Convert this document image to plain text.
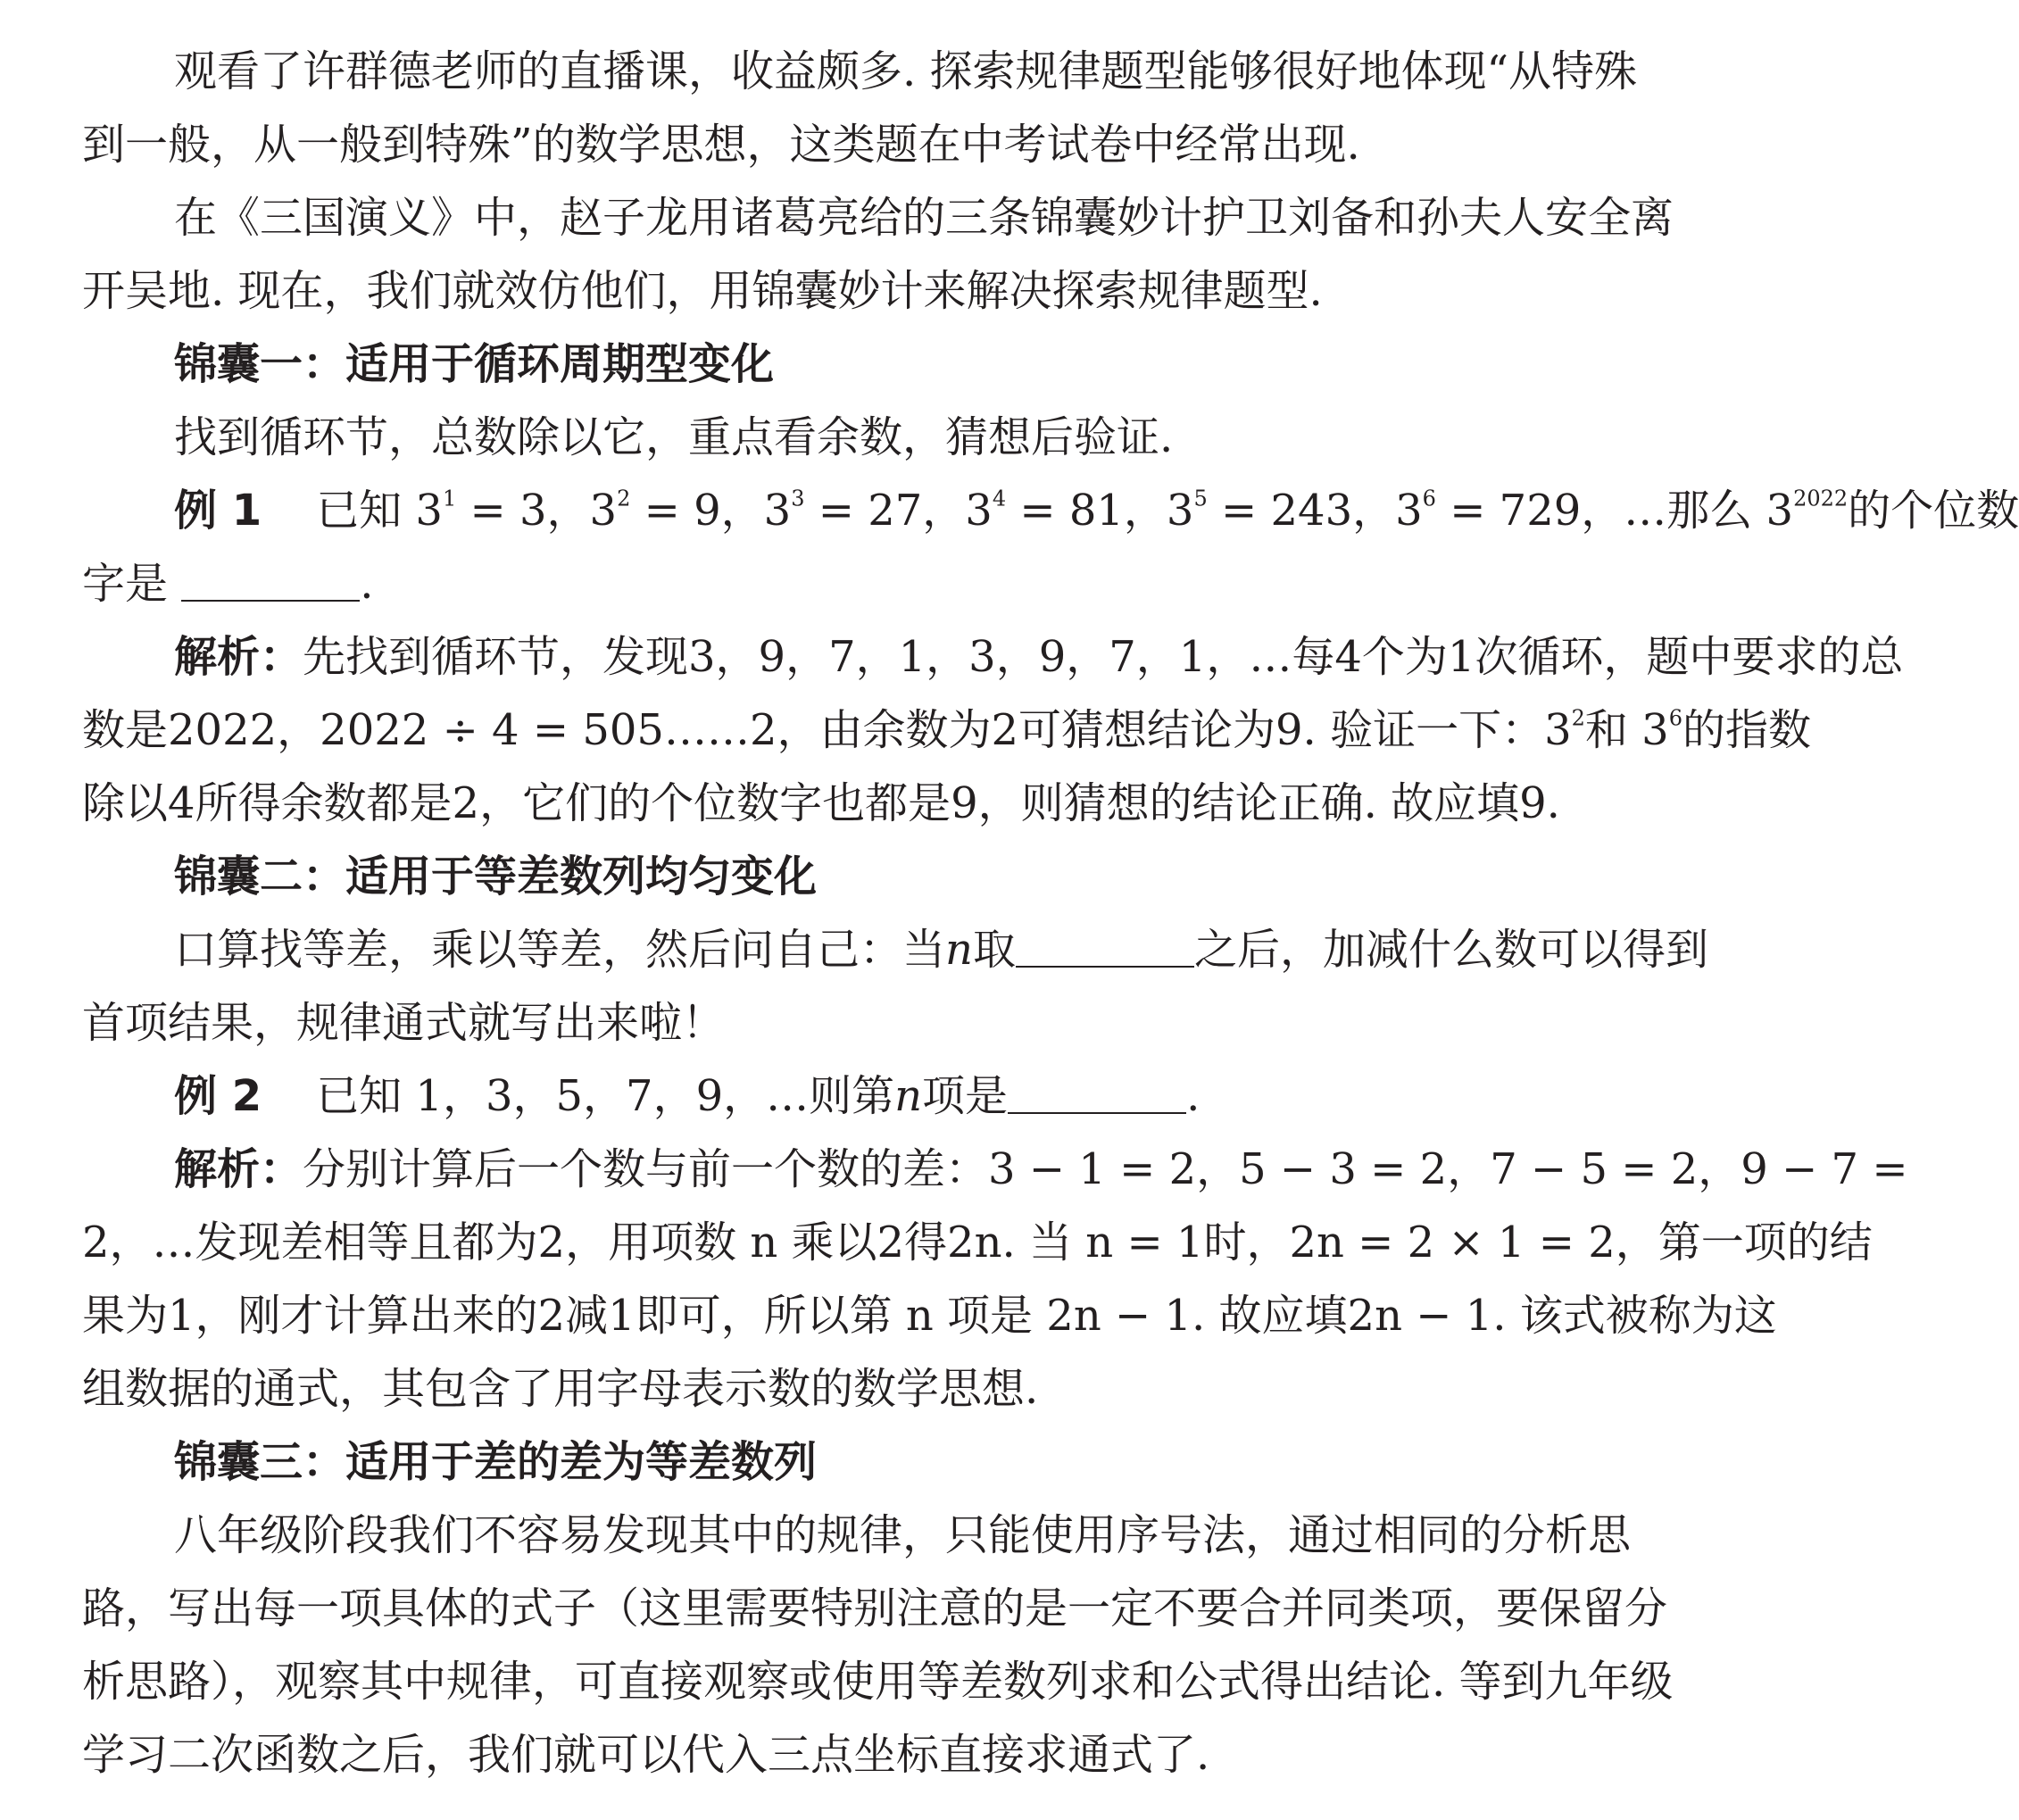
观看了许群德老师的直播课，收益颇多. 探索规律题型能够很好地体现“从特殊
到一般，从一般到特殊”的数学思想，这类题在中考试卷中经常出现.
在《三国演义》中，赵子龙用诸葛亮给的三条锦囊妙计护卫刘备和孙夫人安全离
开吴地. 现在，我们就效仿他们，用锦囊妙计来解决探索规律题型.
锦囊一：适用于循环周期型变化
找到循环节，总数除以它，重点看余数，猜想后验证.
例 1 已知 $3^1 = 3$，$3^2 = 9$，$3^3 = 27$，$3^4 = 81$，$3^5 = 243$，$3^6 = 729$，…那么 $3^{2022}$的个位数
字是	.
解析：先找到循环节，发现3，9，7，1，3，9，7，1，…每4个为1次循环，题中要求的总
数是2022，2022 ÷ 4 = 505……2，由余数为2可猜想结论为9. 验证一下：$3^2$和 $3^6$的指数
除以4所得余数都是2，它们的个位数字也都是9，则猜想的结论正确. 故应填9.
锦囊二：适用于等差数列均匀变化
口算找等差，乘以等差，然后问自己：当n取	之后，加减什么数可以得到
首项结果，规律通式就写出来啦！
例 2 已知 1，3，5，7，9，…则第n项是	.
解析：分别计算后一个数与前一个数的差：3 − 1 = 2，5 − 3 = 2，7 − 5 = 2，9 − 7 =
2，…发现差相等且都为2，用项数 n 乘以2得2n. 当 n = 1时，2n = 2 × 1 = 2，第一项的结
果为1，刚才计算出来的2减1即可，所以第 n 项是 2n − 1. 故应填2n − 1. 该式被称为这
组数据的通式，其包含了用字母表示数的数学思想.
锦囊三：适用于差的差为等差数列
八年级阶段我们不容易发现其中的规律，只能使用序号法，通过相同的分析思
路，写出每一项具体的式子（这里需要特别注意的是一定不要合并同类项，要保留分
析思路），观察其中规律，可直接观察或使用等差数列求和公式得出结论. 等到九年级
学习二次函数之后，我们就可以代入三点坐标直接求通式了.
